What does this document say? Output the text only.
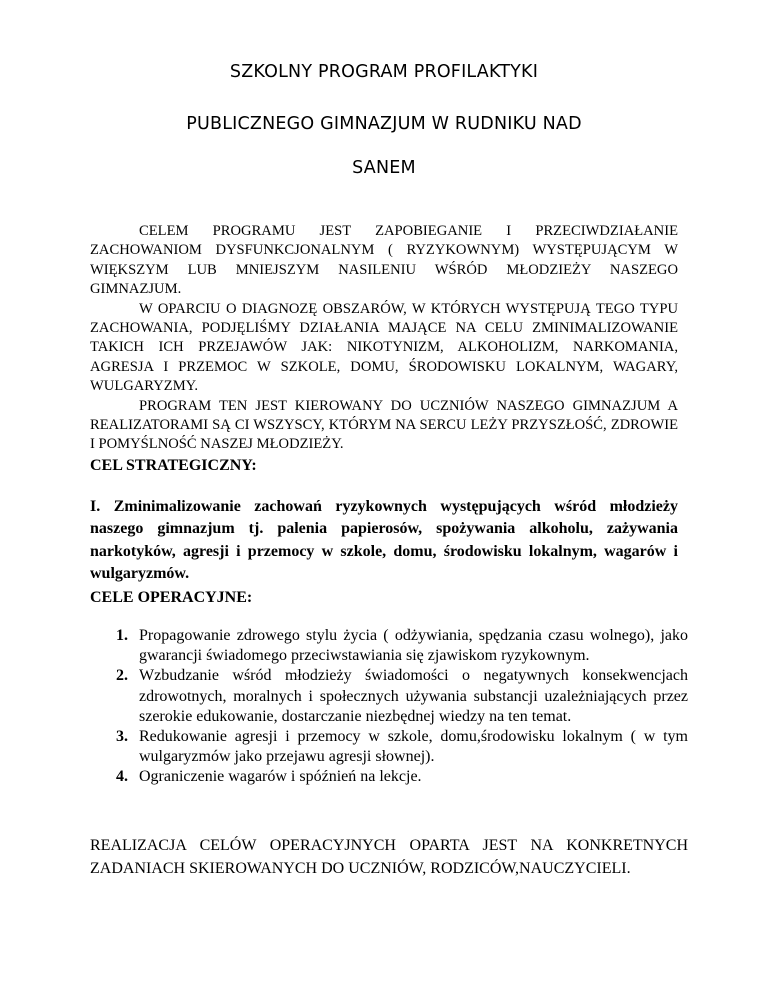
SZKOLNY PROGRAM PROFILAKTYKI
PUBLICZNEGO GIMNAZJUM W RUDNIKU NAD
SANEM

CELEM PROGRAMU JEST ZAPOBIEGANIE I PRZECIWDZIAŁANIE ZACHOWANIOM DYSFUNKCJONALNYM ( RYZYKOWNYM) WYSTĘPUJĄCYM W WIĘKSZYM LUB MNIEJSZYM NASILENIU WŚRÓD MŁODZIEŻY NASZEGO GIMNAZJUM.

W OPARCIU O DIAGNOZĘ OBSZARÓW, W KTÓRYCH WYSTĘPUJĄ TEGO TYPU ZACHOWANIA, PODJĘLIŚMY DZIAŁANIA MAJĄCE NA CELU ZMINIMALIZOWANIE TAKICH ICH PRZEJAWÓW JAK: NIKOTYNIZM, ALKOHOLIZM, NARKOMANIA, AGRESJA I PRZEMOC W SZKOLE, DOMU, ŚRODOWISKU LOKALNYM, WAGARY, WULGARYZMY.

PROGRAM TEN JEST KIEROWANY DO UCZNIÓW NASZEGO GIMNAZJUM A REALIZATORAMI SĄ CI WSZYSCY, KTÓRYM NA SERCU LEŻY PRZYSZŁOŚĆ, ZDROWIE I POMYŚLNOŚĆ NASZEJ MŁODZIEŻY.

CEL STRATEGICZNY:

I. Zminimalizowanie zachowań ryzykownych występujących wśród młodzieży naszego gimnazjum tj. palenia papierosów, spożywania alkoholu, zażywania narkotyków, agresji i przemocy w szkole, domu, środowisku lokalnym, wagarów i wulgaryzmów.

CELE OPERACYJNE:
1. Propagowanie zdrowego stylu życia ( odżywiania, spędzania czasu wolnego), jako gwarancji świadomego przeciwstawiania się zjawiskom ryzykownym.
2. Wzbudzanie wśród młodzieży świadomości o negatywnych konsekwencjach zdrowotnych, moralnych i społecznych używania substancji uzależniających przez szerokie edukowanie, dostarczanie niezbędnej wiedzy na ten temat.
3. Redukowanie agresji i przemocy w szkole, domu,środowisku lokalnym ( w tym wulgaryzmów jako przejawu agresji słownej).
4. Ograniczenie wagarów i spóźnień na lekcje.

REALIZACJA CELÓW OPERACYJNYCH OPARTA JEST NA KONKRETNYCH ZADANIACH SKIEROWANYCH DO UCZNIÓW, RODZICÓW,NAUCZYCIELI.
